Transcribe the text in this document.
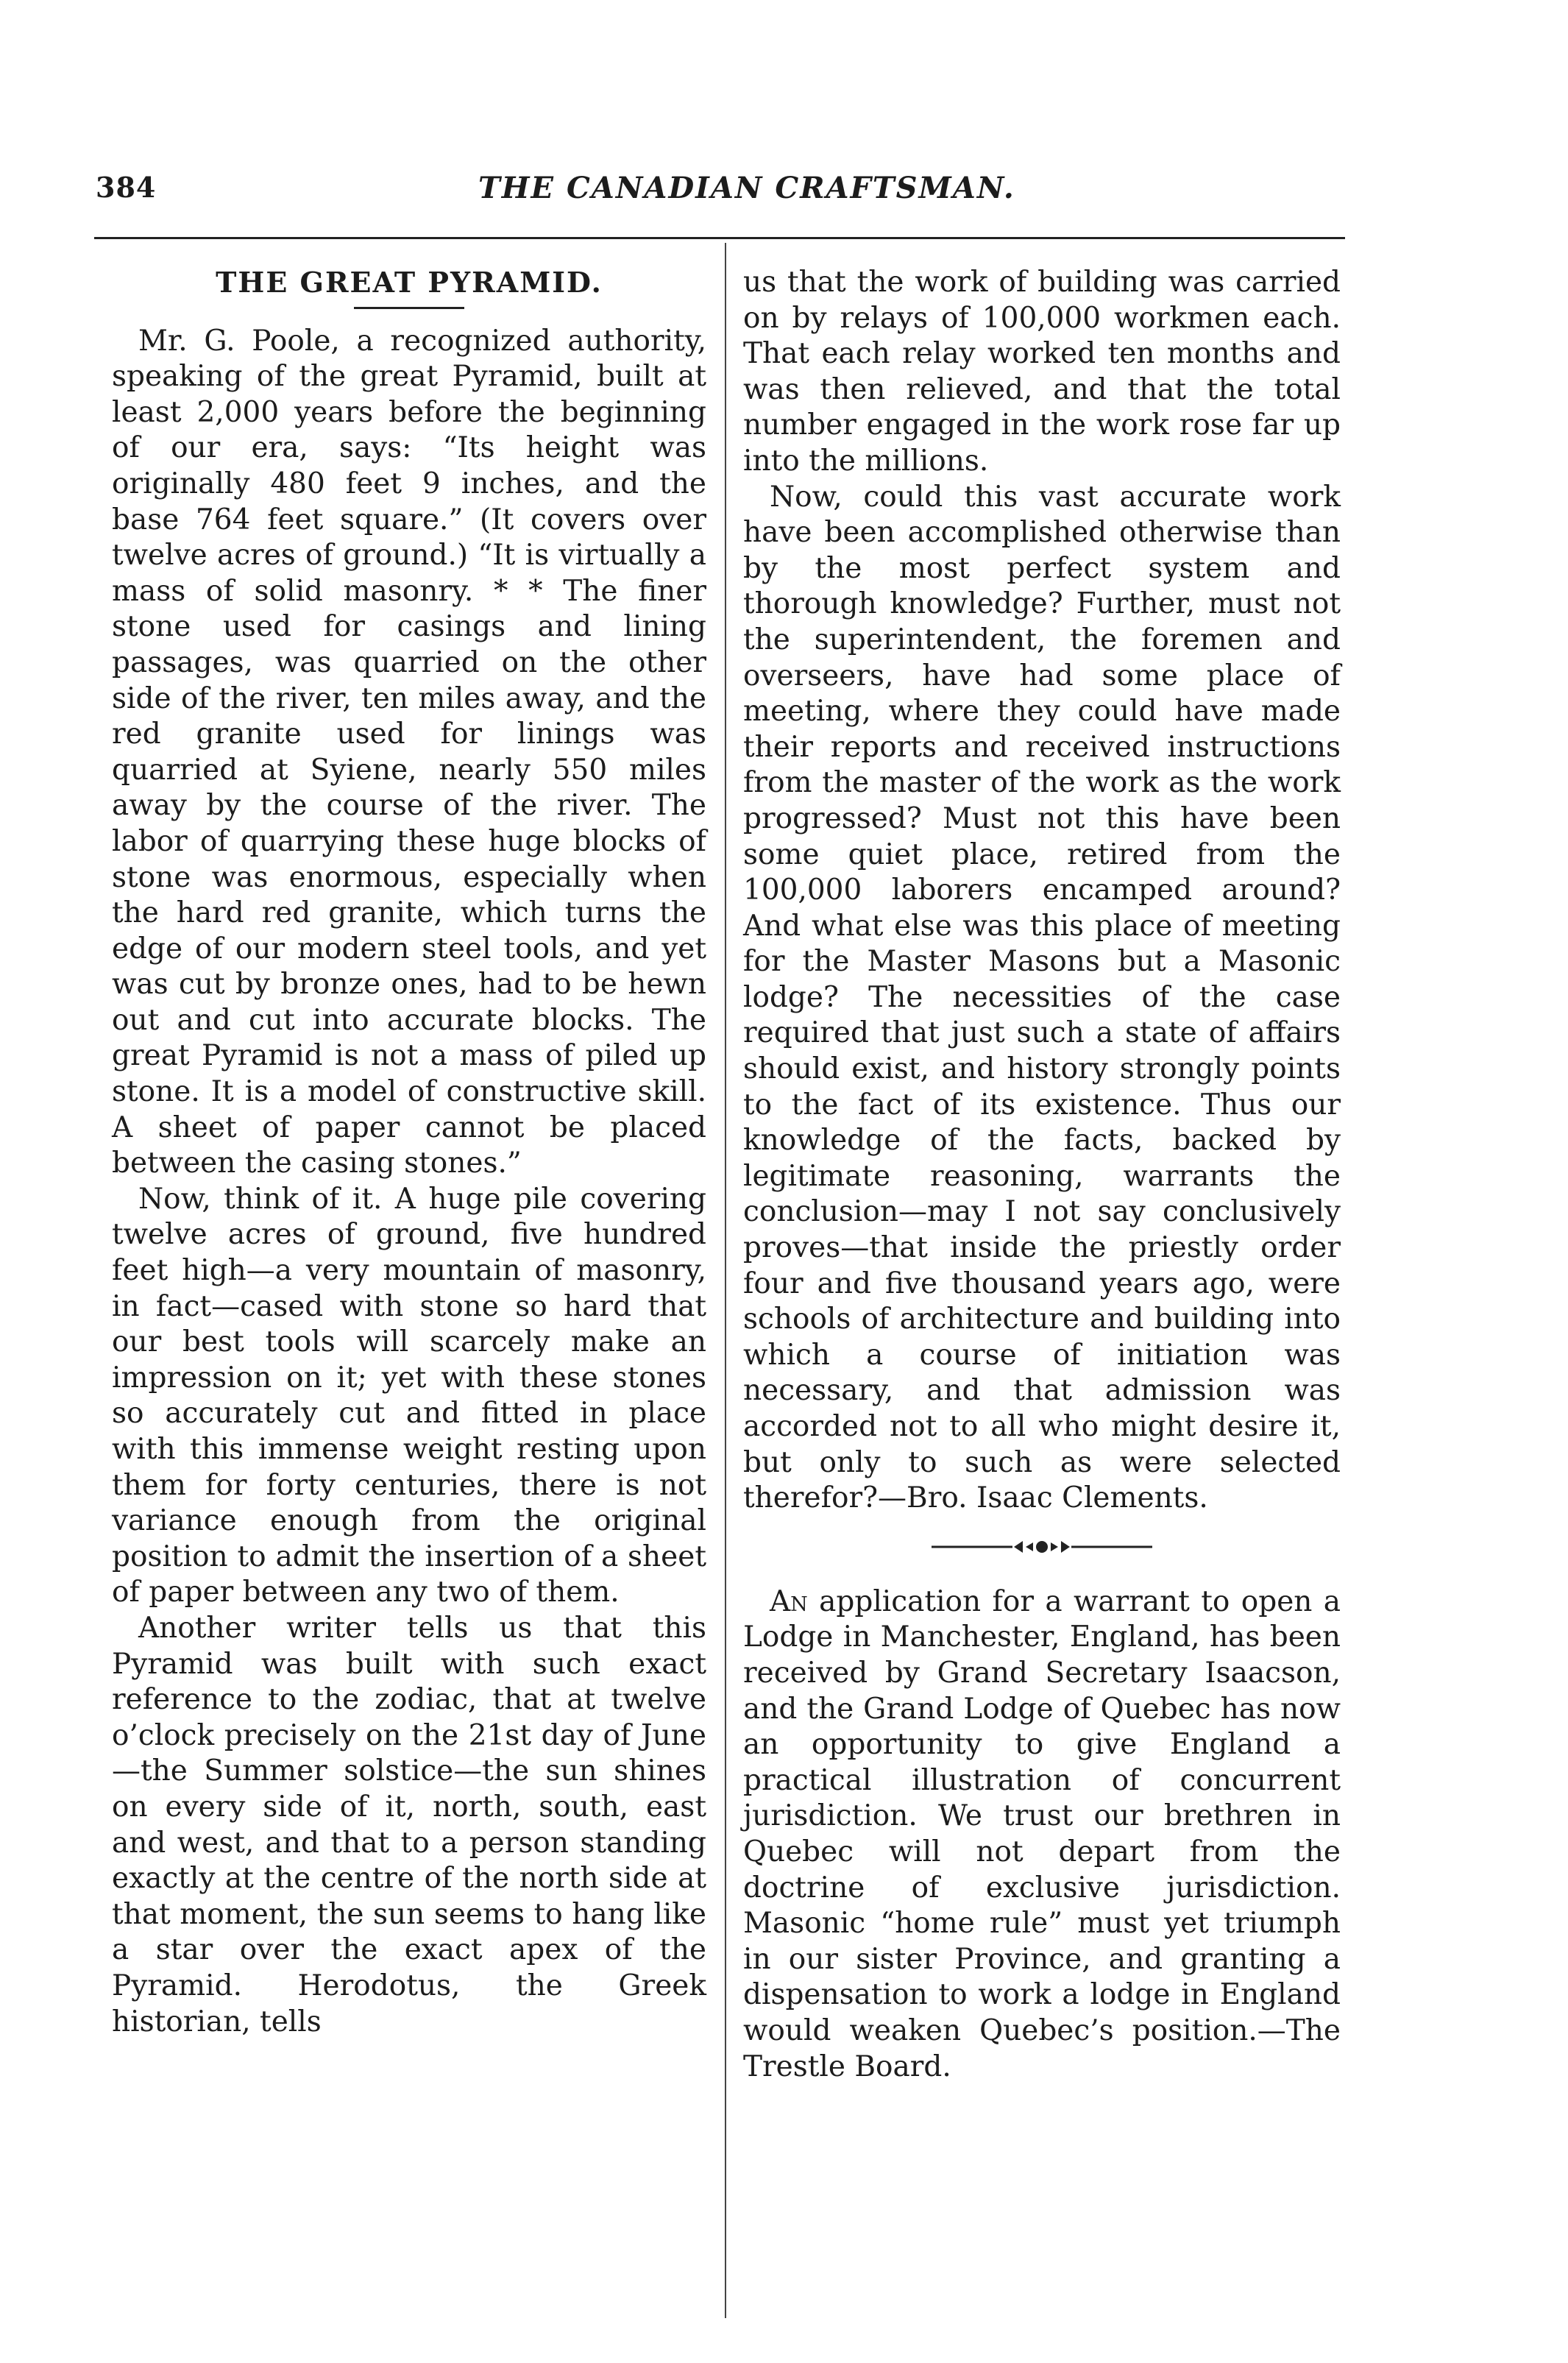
384	THE CANADIAN CRAFTSMAN.
THE GREAT PYRAMID.

Mr. G. Poole, a recognized authority, speaking of the great Pyramid, built at least 2,000 years before the beginning of our era, says: “Its height was originally 480 feet 9 inches, and the base 764 feet square.” (It covers over twelve acres of ground.) “It is virtually a mass of solid masonry. * * The finer stone used for casings and lining passages, was quarried on the other side of the river, ten miles away, and the red granite used for linings was quarried at Syiene, nearly 550 miles away by the course of the river. The labor of quarrying these huge blocks of stone was enormous, especially when the hard red granite, which turns the edge of our modern steel tools, and yet was cut by bronze ones, had to be hewn out and cut into accurate blocks. The great Pyramid is not a mass of piled up stone. It is a model of constructive skill. A sheet of paper cannot be placed between the casing stones.”

Now, think of it. A huge pile covering twelve acres of ground, five hundred feet high—a very mountain of masonry, in fact—cased with stone so hard that our best tools will scarcely make an impression on it; yet with these stones so accurately cut and fitted in place with this immense weight resting upon them for forty centuries, there is not variance enough from the original position to admit the insertion of a sheet of paper between any two of them.

Another writer tells us that this Pyramid was built with such exact reference to the zodiac, that at twelve o’clock precisely on the 21st day of June—the Summer solstice—the sun shines on every side of it, north, south, east and west, and that to a person standing exactly at the centre of the north side at that moment, the sun seems to hang like a star over the exact apex of the Pyramid. Herodotus, the Greek historian, tells

us that the work of building was carried on by relays of 100,000 workmen each. That each relay worked ten months and was then relieved, and that the total number engaged in the work rose far up into the millions.

Now, could this vast accurate work have been accomplished otherwise than by the most perfect system and thorough knowledge? Further, must not the superintendent, the foremen and overseers, have had some place of meeting, where they could have made their reports and received instructions from the master of the work as the work progressed? Must not this have been some quiet place, retired from the 100,000 laborers encamped around? And what else was this place of meeting for the Master Masons but a Masonic lodge? The necessities of the case required that just such a state of affairs should exist, and history strongly points to the fact of its existence. Thus our knowledge of the facts, backed by legitimate reasoning, warrants the conclusion—may I not say conclusively proves—that inside the priestly order four and five thousand years ago, were schools of architecture and building into which a course of initiation was necessary, and that admission was accorded not to all who might desire it, but only to such as were selected therefor?—Bro. Isaac Clements.

An application for a warrant to open a Lodge in Manchester, England, has been received by Grand Secretary Isaacson, and the Grand Lodge of Quebec has now an opportunity to give England a practical illustration of concurrent jurisdiction. We trust our brethren in Quebec will not depart from the doctrine of exclusive jurisdiction. Masonic “home rule” must yet triumph in our sister Province, and granting a dispensation to work a lodge in England would weaken Quebec’s position.—The Trestle Board.
